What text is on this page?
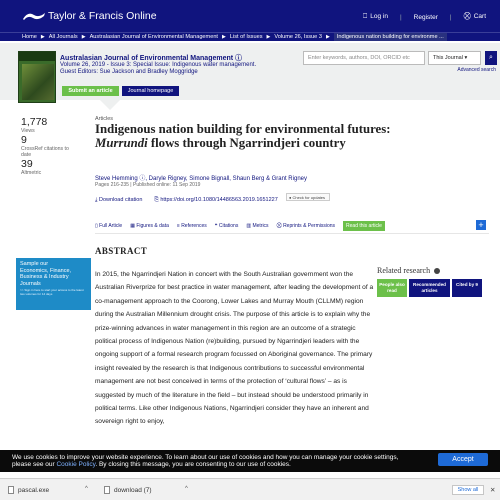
Taylor & Francis Online	⎕ Log in | Register | ⛒ Cart
Home ▶ All Journals ▶ Australasian Journal of Environmental Management ▶ List of Issues ▶ Volume 26, Issue 3 ▶	Indigenous nation building for environme ...
Australasian Journal of Environmental Management ⓘ
Volume 26, 2019 - Issue 3: Special Issue: Indigenous water management.
Guest Editors: Sue Jackson and Bradley Moggridge
Enter keywords, authors, DOI, ORCID etc	This Journal ▾	⌕
Advanced search
Submit an article	Journal homepage
1,778
Views
9
CrossRef citations to date
39
Altmetric
Articles
Indigenous nation building for environmental futures: Murrundi flows through Ngarrindjeri country
Steve Hemming ⓘ, Daryle Rigney, Simone Bignall, Shaun Berg & Grant Rigney
Pages 216-235 | Published online: 11 Sep 2019
● Check for updates
⤓ Download citation ⎘ https://doi.org/10.1080/14486563.2019.1651227
▯ Full Article ▦ Figures & data ≡ References ❝ Citations ▥ Metrics ⛒ Reprints & Permissions	Read this article	+
Sample our
Economics, Finance, Business & Industry Journals
>> Sign in here to start your access to the latest two volumes for 14 days
ABSTRACT
In 2015, the Ngarrindjeri Nation in concert with the South Australian government won the Australian Riverprize for best practice in water management, after leading the development of a co-management approach to the Coorong, Lower Lakes and Murray Mouth (CLLMM) region during the Australian Millennium drought crisis. The purpose of this article is to explain why the prize-winning advances in water management in this region are an outcome of a strategic political process of Indigenous Nation (re)building, pursued by Ngarrindjeri leaders with the ongoing support of a formal research program focussed on Aboriginal governance. The primary insight revealed by the research is that Indigenous contributions to successful environmental management are not best conceived in terms of the protection of ‘cultural flows’ – as is suggested by much of the literature in the field – but instead should be understood primarily in political terms. Like other Indigenous Nations, Ngarrindjeri consider they have an inherent and sovereign right to enjoy,
Related research
People also read
Recommended articles
Cited by 9
We use cookies to improve your website experience. To learn about our use of cookies and how you can manage your cookie settings,
please see our Cookie Policy. By closing this message, you are consenting to our use of cookies.
Accept
pascal.exe	^	download (7)	^	Show all	✕
